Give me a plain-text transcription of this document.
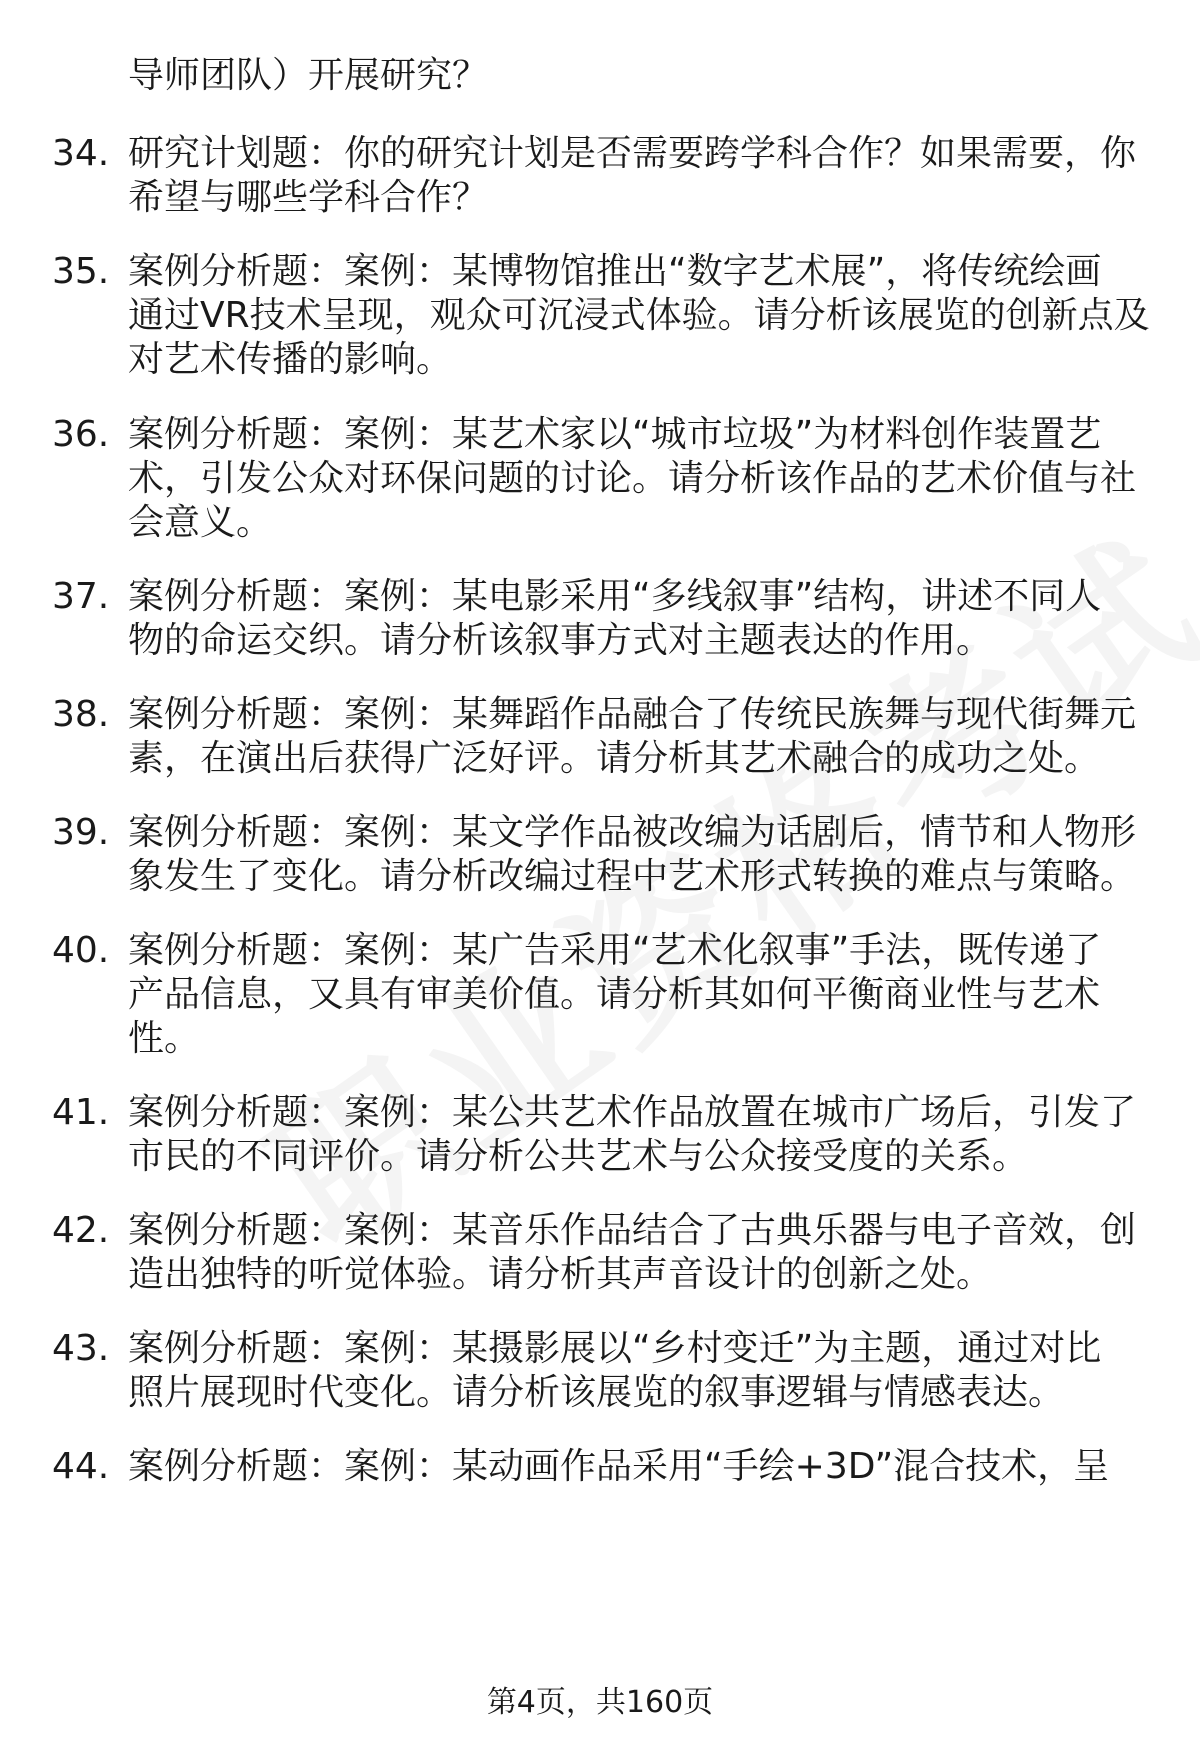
导师团队）开展研究？
34. 研究计划题：你的研究计划是否需要跨学科合作？如果需要，你
希望与哪些学科合作？
35. 案例分析题：案例：某博物馆推出“数字艺术展”，将传统绘画
通过VR技术呈现，观众可沉浸式体验。请分析该展览的创新点及
对艺术传播的影响。
36. 案例分析题：案例：某艺术家以“城市垃圾”为材料创作装置艺
术，引发公众对环保问题的讨论。请分析该作品的艺术价值与社
会意义。
37. 案例分析题：案例：某电影采用“多线叙事”结构，讲述不同人
物的命运交织。请分析该叙事方式对主题表达的作用。
38. 案例分析题：案例：某舞蹈作品融合了传统民族舞与现代街舞元
素，在演出后获得广泛好评。请分析其艺术融合的成功之处。
39. 案例分析题：案例：某文学作品被改编为话剧后，情节和人物形
象发生了变化。请分析改编过程中艺术形式转换的难点与策略。
40. 案例分析题：案例：某广告采用“艺术化叙事”手法，既传递了
产品信息，又具有审美价值。请分析其如何平衡商业性与艺术
性。
41. 案例分析题：案例：某公共艺术作品放置在城市广场后，引发了
市民的不同评价。请分析公共艺术与公众接受度的关系。
42. 案例分析题：案例：某音乐作品结合了古典乐器与电子音效，创
造出独特的听觉体验。请分析其声音设计的创新之处。
43. 案例分析题：案例：某摄影展以“乡村变迁”为主题，通过对比
照片展现时代变化。请分析该展览的叙事逻辑与情感表达。
44. 案例分析题：案例：某动画作品采用“手绘+3D”混合技术，呈
第4页，共160页
